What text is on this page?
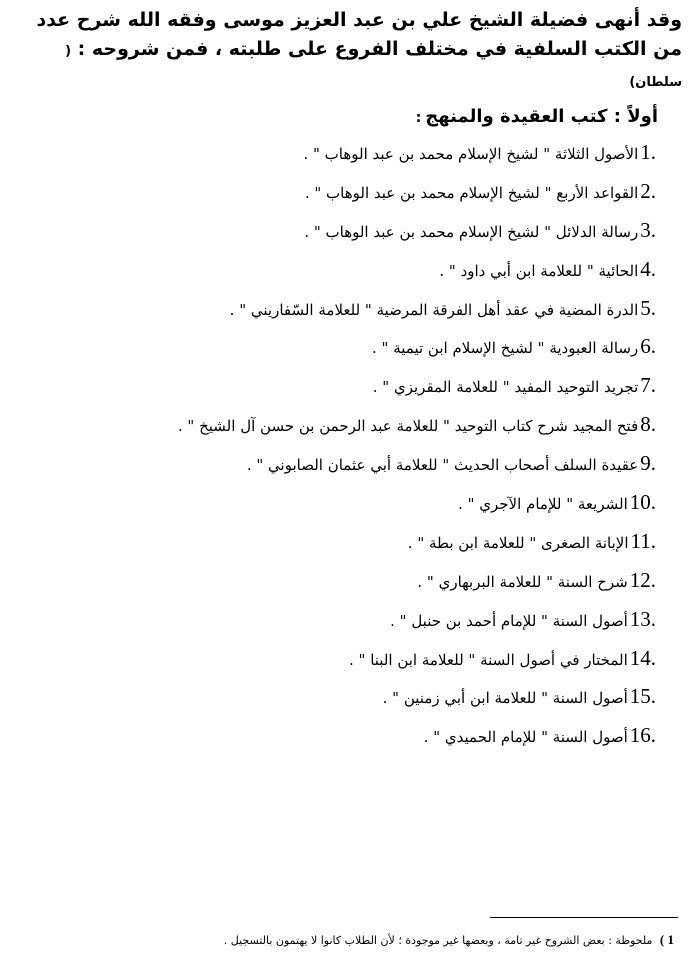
وقد أنهى فضيلة الشيخ علي بن عبد العزيز موسى وفقه الله شرح عدد من الكتب السلفية في مختلف الفروع على طلبته ، فمن شروحه : ( سلطان)
أولاً : كتب العقيدة والمنهج:
1.
الأصول الثلاثة " لشيخ الإسلام محمد بن عبد الوهاب " .
2.
القواعد الأربع " لشيخ الإسلام محمد بن عبد الوهاب " .
3.
رسالة الدلائل " لشيخ الإسلام محمد بن عبد الوهاب " .
4.
الحائية " للعلامة ابن أبي داود " .
5.
الدرة المضية في عقد أهل الفرقة المرضية " للعلامة السّفاريني " .
6.
رسالة العبودية " لشيخ الإسلام ابن تيمية " .
7.
تجريد التوحيد المفيد " للعلامة المقريزي " .
8.
فتح المجيد شرح كتاب التوحيد " للعلامة عبد الرحمن بن حسن آل الشيخ " .
9.
عقيدة السلف أصحاب الحديث " للعلامة أبي عثمان الصابوني " .
10.
الشريعة " للإمام الآجري " .
11.
الإبانة الصغرى " للعلامة ابن بطة " .
12.
شرح السنة " للعلامة البربهاري " .
13.
أصول السنة " للإمام أحمد بن حنبل " .
14.
المختار في أصول السنة " للعلامة ابن البنا " .
15.
أصول السنة " للعلامة ابن أبي زمنين " .
16.
أصول السنة " للإمام الحميدي " .
( 1 ملحوظة : بعض الشروح غير تامة ، وبعضها غير موجودة ؛ لأن الطلاب كانوا لا يهتمون بالتسجيل .
